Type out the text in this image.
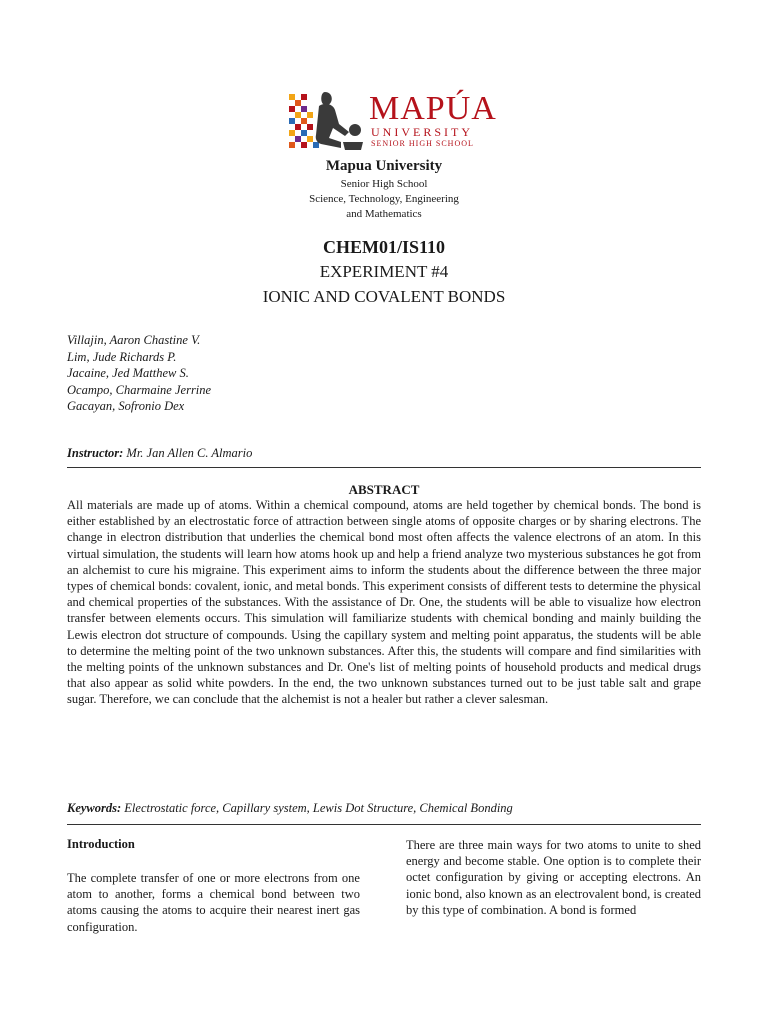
MAPÚA
UNIVERSITY
SENIOR HIGH SCHOOL
Mapua University
Senior High School
Science, Technology, Engineering
and Mathematics
CHEM01/IS110
EXPERIMENT #4
IONIC AND COVALENT BONDS
Villajin, Aaron Chastine V.
Lim, Jude Richards P.
Jacaine, Jed Matthew S.
Ocampo, Charmaine Jerrine
Gacayan, Sofronio Dex
Instructor: Mr. Jan Allen C. Almario
ABSTRACT
All materials are made up of atoms. Within a chemical compound, atoms are held together by chemical bonds. The bond is either established by an electrostatic force of attraction between single atoms of opposite charges or by sharing electrons. The change in electron distribution that underlies the chemical bond most often affects the valence electrons of an atom. In this virtual simulation, the students will learn how atoms hook up and help a friend analyze two mysterious substances he got from an alchemist to cure his migraine. This experiment aims to inform the students about the difference between the three major types of chemical bonds: covalent, ionic, and metal bonds. This experiment consists of different tests to determine the physical and chemical properties of the substances. With the assistance of Dr. One, the students will be able to visualize how electron transfer between elements occurs. This simulation will familiarize students with chemical bonding and mainly building the Lewis electron dot structure of compounds. Using the capillary system and melting point apparatus, the students will be able to determine the melting point of the two unknown substances. After this, the students will compare and find similarities with the melting points of the unknown substances and Dr. One's list of melting points of household products and medical drugs that also appear as solid white powders. In the end, the two unknown substances turned out to be just table salt and grape sugar. Therefore, we can conclude that the alchemist is not a healer but rather a clever salesman.
Keywords: Electrostatic force, Capillary system, Lewis Dot Structure, Chemical Bonding
Introduction
The complete transfer of one or more electrons from one atom to another, forms a chemical bond between two atoms causing the atoms to acquire their nearest inert gas configuration.
There are three main ways for two atoms to unite to shed energy and become stable. One option is to complete their octet configuration by giving or accepting electrons. An ionic bond, also known as an electrovalent bond, is created by this type of combination. A bond is formed
